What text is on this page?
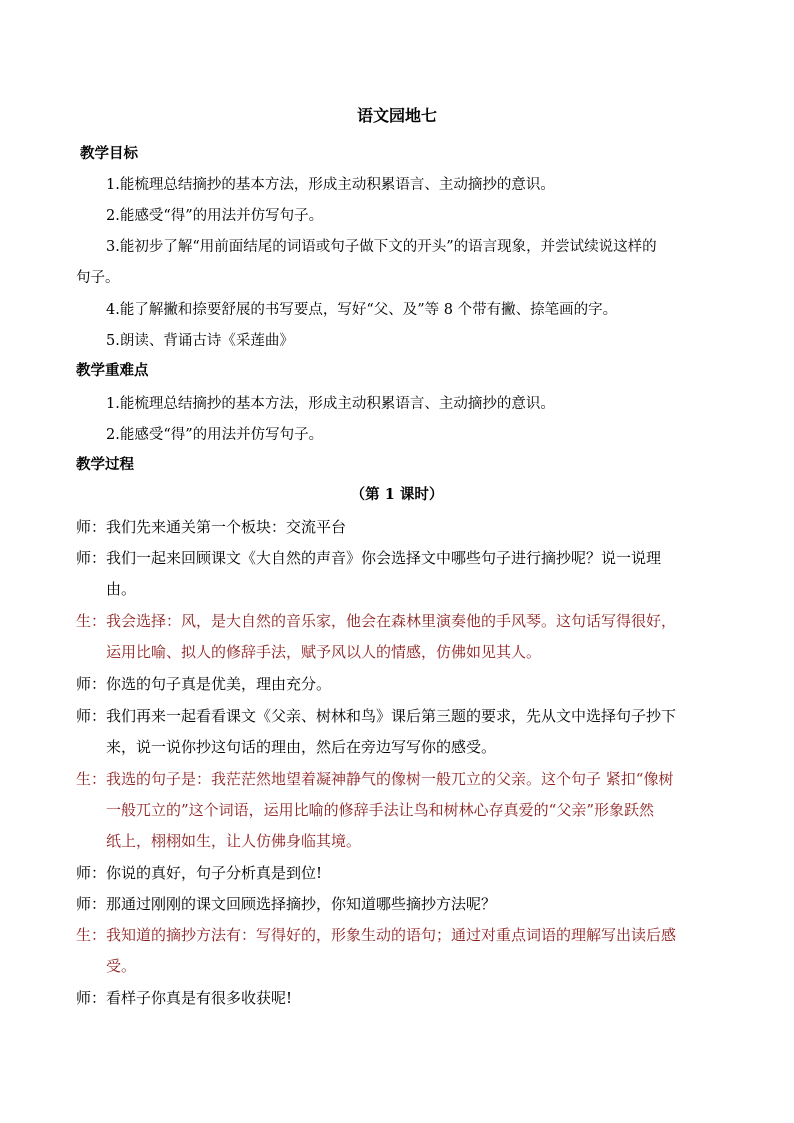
语文园地七
教学目标
1.能梳理总结摘抄的基本方法，形成主动积累语言、主动摘抄的意识。
2.能感受“得”的用法并仿写句子。
3.能初步了解“用前面结尾的词语或句子做下文的开头”的语言现象，并尝试续说这样的
句子。
4.能了解撇和捺要舒展的书写要点，写好“父、及”等 8 个带有撇、捺笔画的字。
5.朗读、背诵古诗《采莲曲》
教学重难点
1.能梳理总结摘抄的基本方法，形成主动积累语言、主动摘抄的意识。
2.能感受“得”的用法并仿写句子。
教学过程
（第 1 课时）
师：我们先来通关第一个板块：交流平台
师：我们一起来回顾课文《大自然的声音》你会选择文中哪些句子进行摘抄呢？说一说理
由。
生：我会选择：风，是大自然的音乐家，他会在森林里演奏他的手风琴。这句话写得很好，
运用比喻、拟人的修辞手法，赋予风以人的情感，仿佛如见其人。
师：你选的句子真是优美，理由充分。
师：我们再来一起看看课文《父亲、树林和鸟》课后第三题的要求，先从文中选择句子抄下
来，说一说你抄这句话的理由，然后在旁边写写你的感受。
生：我选的句子是：我茫茫然地望着凝神静气的像树一般兀立的父亲。这个句子 紧扣“像树
一般兀立的”这个词语，运用比喻的修辞手法让鸟和树林心存真爱的“父亲”形象跃然
纸上，栩栩如生，让人仿佛身临其境。
师：你说的真好，句子分析真是到位!
师：那通过刚刚的课文回顾选择摘抄，你知道哪些摘抄方法呢？
生：我知道的摘抄方法有：写得好的，形象生动的语句；通过对重点词语的理解写出读后感
受。
师：看样子你真是有很多收获呢!
